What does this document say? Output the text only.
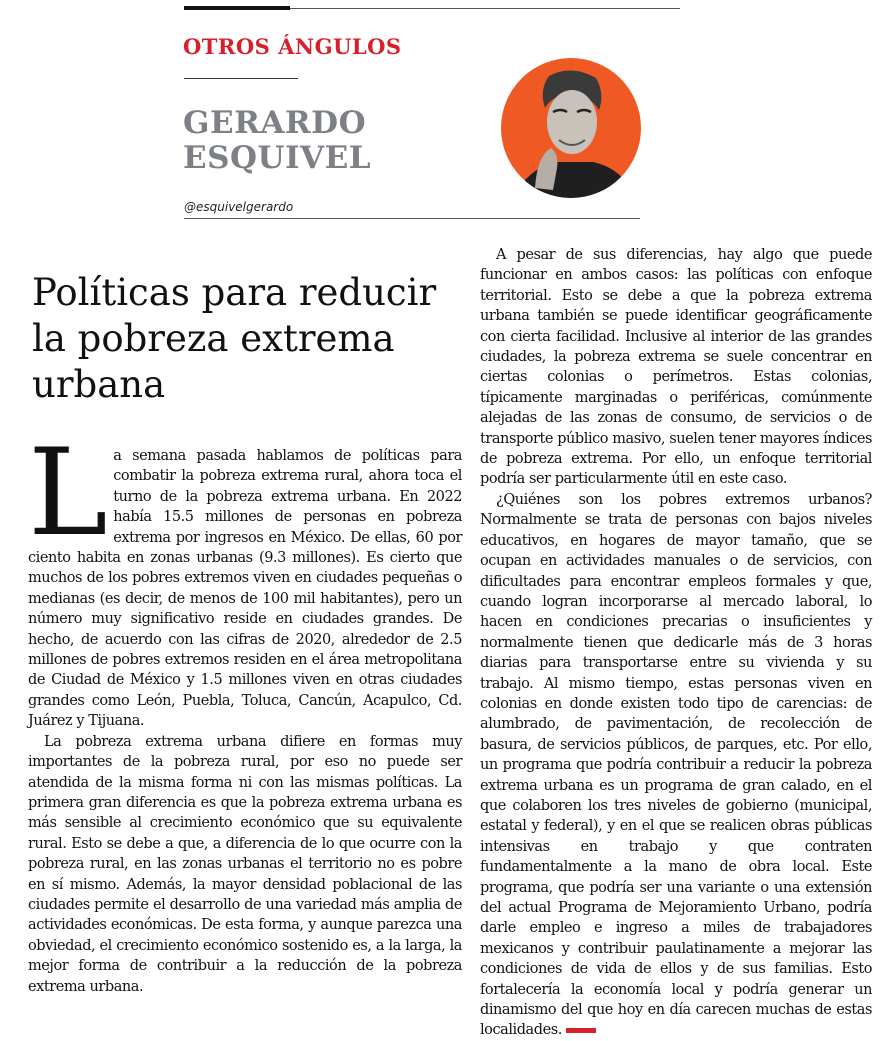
OTROS ÁNGULOS
GERARDO
ESQUIVEL
@esquivelgerardo
Políticas para reducir la pobreza extrema urbana

La semana pasada hablamos de políticas para combatir la pobreza extrema rural, ahora toca el turno de la pobreza extrema urbana. En 2022 había 15.5 millones de personas en pobreza extrema por ingresos en México. De ellas, 60 por ciento habita en zonas urbanas (9.3 millones). Es cierto que muchos de los pobres extremos viven en ciudades pequeñas o medianas (es decir, de menos de 100 mil habitantes), pero un número muy significativo reside en ciudades grandes. De hecho, de acuerdo con las cifras de 2020, alrededor de 2.5 millones de pobres extremos residen en el área metropolitana de Ciudad de México y 1.5 millones viven en otras ciudades grandes como León, Puebla, Toluca, Cancún, Acapulco, Cd. Juárez y Tijuana.

La pobreza extrema urbana difiere en formas muy importantes de la pobreza rural, por eso no puede ser atendida de la misma forma ni con las mismas políticas. La primera gran diferencia es que la pobreza extrema urbana es más sensible al crecimiento económico que su equivalente rural. Esto se debe a que, a diferencia de lo que ocurre con la pobreza rural, en las zonas urbanas el territorio no es pobre en sí mismo. Además, la mayor densidad poblacional de las ciudades permite el desarrollo de una variedad más amplia de actividades económicas. De esta forma, y aunque parezca una obviedad, el crecimiento económico sostenido es, a la larga, la mejor forma de contribuir a la reducción de la pobreza extrema urbana.

A pesar de sus diferencias, hay algo que puede funcionar en ambos casos: las políticas con enfoque territorial. Esto se debe a que la pobreza extrema urbana también se puede identificar geográficamente con cierta facilidad. Inclusive al interior de las grandes ciudades, la pobreza extrema se suele concentrar en ciertas colonias o perímetros. Estas colonias, típicamente marginadas o periféricas, comúnmente alejadas de las zonas de consumo, de servicios o de transporte público masivo, suelen tener mayores índices de pobreza extrema. Por ello, un enfoque territorial podría ser particularmente útil en este caso.

¿Quiénes son los pobres extremos urbanos? Normalmente se trata de personas con bajos niveles educativos, en hogares de mayor tamaño, que se ocupan en actividades manuales o de servicios, con dificultades para encontrar empleos formales y que, cuando logran incorporarse al mercado laboral, lo hacen en condiciones precarias o insuficientes y normalmente tienen que dedicarle más de 3 horas diarias para transportarse entre su vivienda y su trabajo. Al mismo tiempo, estas personas viven en colonias en donde existen todo tipo de carencias: de alumbrado, de pavimentación, de recolección de basura, de servicios públicos, de parques, etc. Por ello, un programa que podría contribuir a reducir la pobreza extrema urbana es un programa de gran calado, en el que colaboren los tres niveles de gobierno (municipal, estatal y federal), y en el que se realicen obras públicas intensivas en trabajo y que contraten fundamentalmente a la mano de obra local. Este programa, que podría ser una variante o una extensión del actual Programa de Mejoramiento Urbano, podría darle empleo e ingreso a miles de trabajadores mexicanos y contribuir paulatinamente a mejorar las condiciones de vida de ellos y de sus familias. Esto fortalecería la economía local y podría generar un dinamismo del que hoy en día carecen muchas de estas localidades.
